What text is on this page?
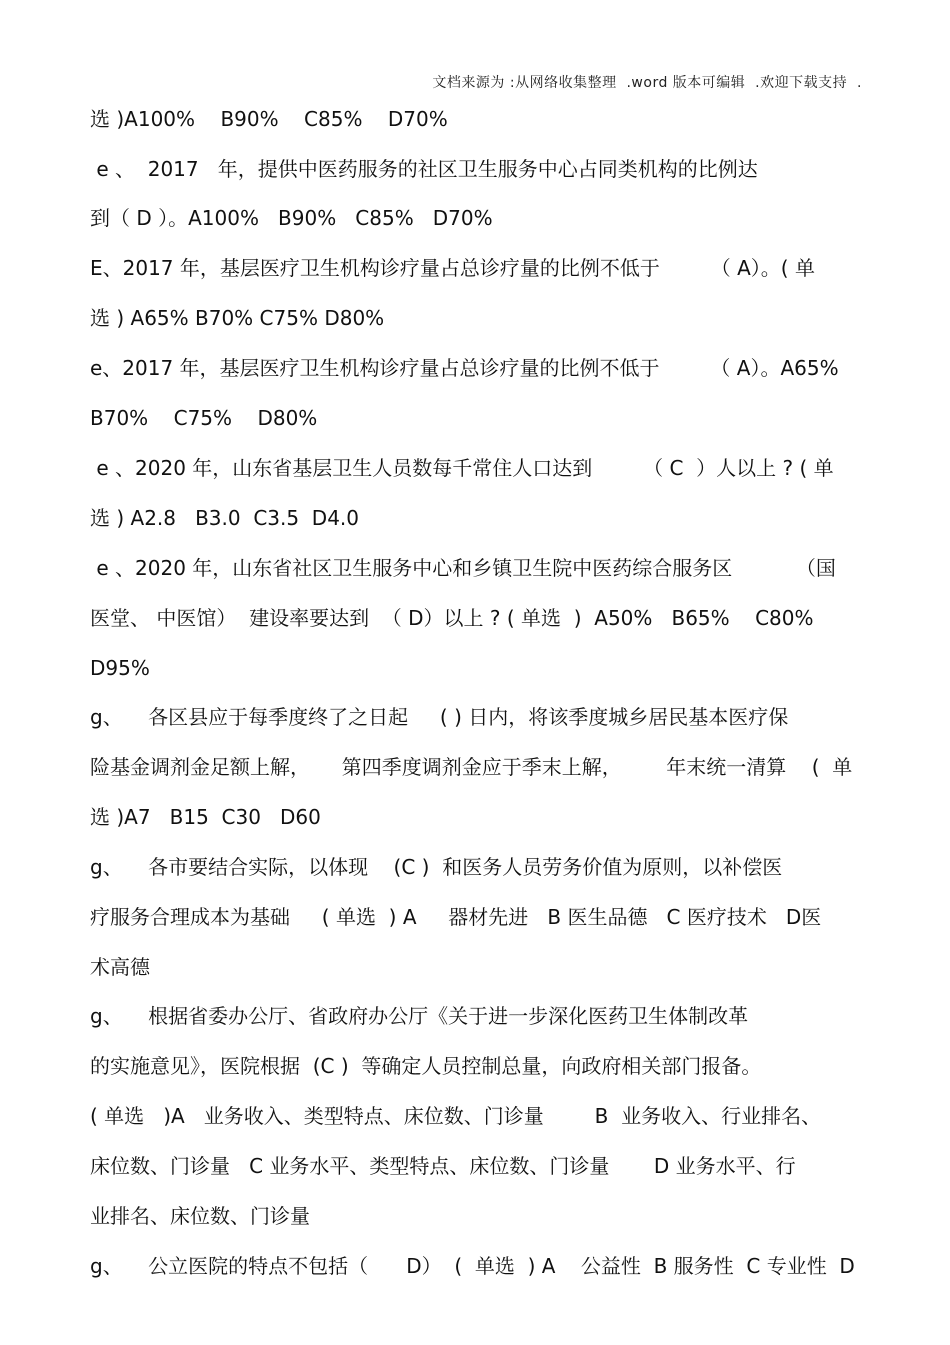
文档来源为 :从网络收集整理  .word 版本可编辑  .欢迎下载支持  .
选 )A100%    B90%    C85%    D70%
e 、  2017   年，提供中医药服务的社区卫生服务中心占同类机构的比例达
到（ D ）。A100%   B90%   C85%   D70%
E、2017 年，基层医疗卫生机构诊疗量占总诊疗量的比例不低于        （ A）。( 单
选 ) A65% B70% C75% D80%
e、2017 年，基层医疗卫生机构诊疗量占总诊疗量的比例不低于        （ A）。A65%
B70%    C75%    D80%
e 、2020 年，山东省基层卫生人员数每千常住人口达到        （ C  ）人以上 ? ( 单
选 ) A2.8   B3.0  C3.5  D4.0
e 、2020 年，山东省社区卫生服务中心和乡镇卫生院中医药综合服务区          （国
医堂、 中医馆）  建设率要达到  （ D）以上 ? ( 单选  )  A50%   B65%    C80%
D95%
g、    各区县应于每季度终了之日起     ( ) 日内，将该季度城乡居民基本医疗保
险基金调剂金足额上解，     第四季度调剂金应于季末上解，       年末统一清算    (  单
选 )A7   B15  C30   D60
g、    各市要结合实际，以体现    (C )  和医务人员劳务价值为原则，以补偿医
疗服务合理成本为基础     ( 单选  ) A     器材先进   B 医生品德   C 医疗技术   D医
术高德
g、    根据省委办公厅、省政府办公厅《关于进一步深化医药卫生体制改革
的实施意见》，医院根据  (C )  等确定人员控制总量，向政府相关部门报备。
( 单选   )A   业务收入、类型特点、床位数、门诊量        B  业务收入、行业排名、
床位数、门诊量   C 业务水平、类型特点、床位数、门诊量       D 业务水平、行
业排名、床位数、门诊量
g、    公立医院的特点不包括（      D）  (  单选  ) A    公益性  B 服务性  C 专业性  D
